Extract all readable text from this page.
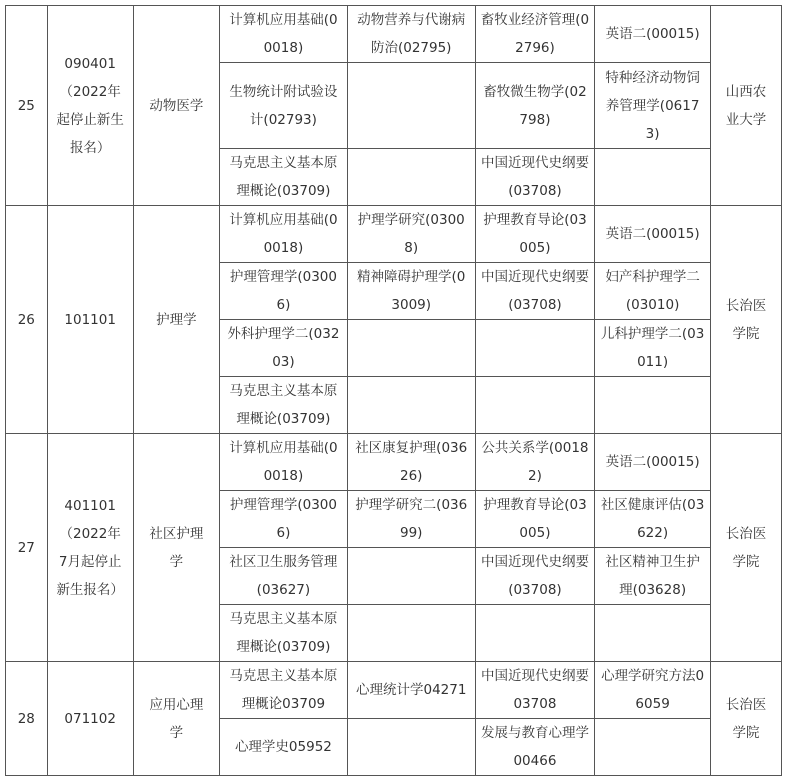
25	090401（2022年起停止新生报名）	动物医学	计算机应用基础(00018)	动物营养与代谢病防治(02795)	畜牧业经济管理(02796)	英语二(00015)	山西农业大学
			生物统计附试验设计(02793)		畜牧微生物学(02798)	特种经济动物饲养管理学(06173)	
			马克思主义基本原理概论(03709)		中国近现代史纲要(03708)		
26	101101	护理学	计算机应用基础(00018)	护理学研究(03008)	护理教育导论(03005)	英语二(00015)	长治医学院
			护理管理学(03006)	精神障碍护理学(03009)	中国近现代史纲要(03708)	妇产科护理学二(03010)	
			外科护理学二(03203)			儿科护理学二(03011)	
			马克思主义基本原理概论(03709)				
27	401101（2022年7月起停止新生报名）	社区护理学	计算机应用基础(00018)	社区康复护理(03626)	公共关系学(00182)	英语二(00015)	长治医学院
			护理管理学(03006)	护理学研究二(03699)	护理教育导论(03005)	社区健康评估(03622)	
			社区卫生服务管理(03627)		中国近现代史纲要(03708)	社区精神卫生护理(03628)	
			马克思主义基本原理概论(03709)				
28	071102	应用心理学	马克思主义基本原理概论03709	心理统计学04271	中国近现代史纲要03708	心理学研究方法06059	长治医学院
			心理学史05952		发展与教育心理学00466		
